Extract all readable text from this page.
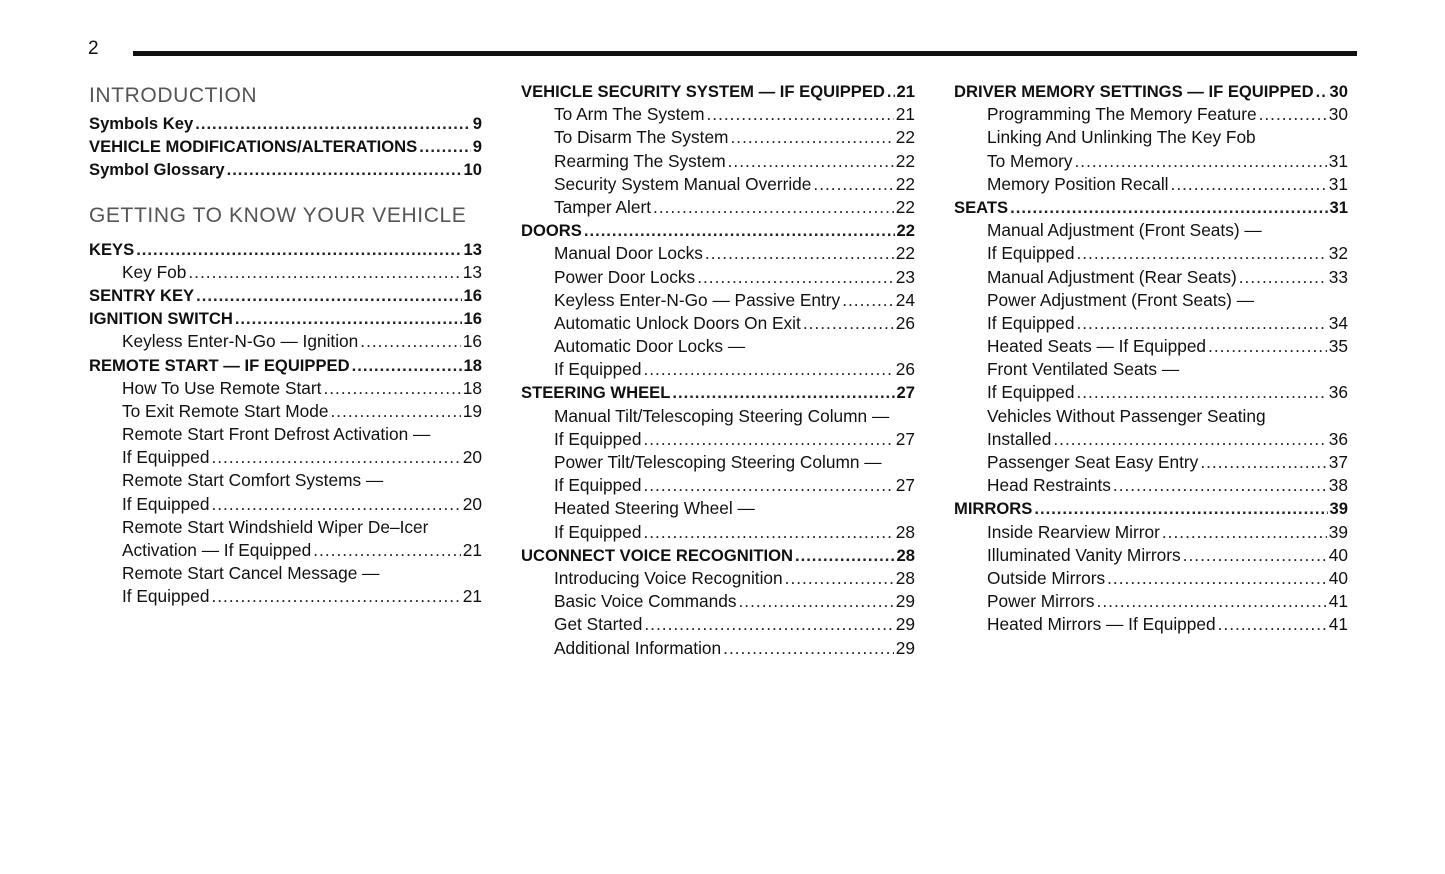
2
INTRODUCTION
Symbols Key .....	9
VEHICLE MODIFICATIONS/ALTERATIONS .....	9
Symbol Glossary .....	10
GETTING TO KNOW YOUR VEHICLE
KEYS .....	13
Key Fob .....	13
SENTRY KEY .....	16
IGNITION SWITCH .....	16
Keyless Enter-N-Go — Ignition .....	16
REMOTE START — IF EQUIPPED .....	18
How To Use Remote Start .....	18
To Exit Remote Start Mode .....	19
Remote Start Front Defrost Activation —
If Equipped .....	20
Remote Start Comfort Systems —
If Equipped .....	20
Remote Start Windshield Wiper De–Icer
Activation — If Equipped .....	21
Remote Start Cancel Message —
If Equipped .....	21
VEHICLE SECURITY SYSTEM — IF EQUIPPED ..... 21
To Arm The System .....	21
To Disarm The System .....	22
Rearming The System .....	22
Security System Manual Override .....	22
Tamper Alert .....	22
DOORS .....	22
Manual Door Locks .....	22
Power Door Locks .....	23
Keyless Enter-N-Go — Passive Entry .....	24
Automatic Unlock Doors On Exit .....	26
Automatic Door Locks —
If Equipped .....	26
STEERING WHEEL .....	27
Manual Tilt/Telescoping Steering Column —
If Equipped .....	27
Power Tilt/Telescoping Steering Column —
If Equipped .....	27
Heated Steering Wheel —
If Equipped .....	28
UCONNECT VOICE RECOGNITION .....	28
Introducing Voice Recognition .....	28
Basic Voice Commands .....	29
Get Started .....	29
Additional Information .....	29
DRIVER MEMORY SETTINGS — IF EQUIPPED ..... 30
Programming The Memory Feature .....	30
Linking And Unlinking The Key Fob
To Memory .....	31
Memory Position Recall .....	31
SEATS .....	31
Manual Adjustment (Front Seats) —
If Equipped .....	32
Manual Adjustment (Rear Seats) .....	33
Power Adjustment (Front Seats) —
If Equipped .....	34
Heated Seats — If Equipped .....	35
Front Ventilated Seats —
If Equipped .....	36
Vehicles Without Passenger Seating
Installed .....	36
Passenger Seat Easy Entry .....	37
Head Restraints .....	38
MIRRORS .....	39
Inside Rearview Mirror .....	39
Illuminated Vanity Mirrors .....	40
Outside Mirrors .....	40
Power Mirrors .....	41
Heated Mirrors — If Equipped .....	41
